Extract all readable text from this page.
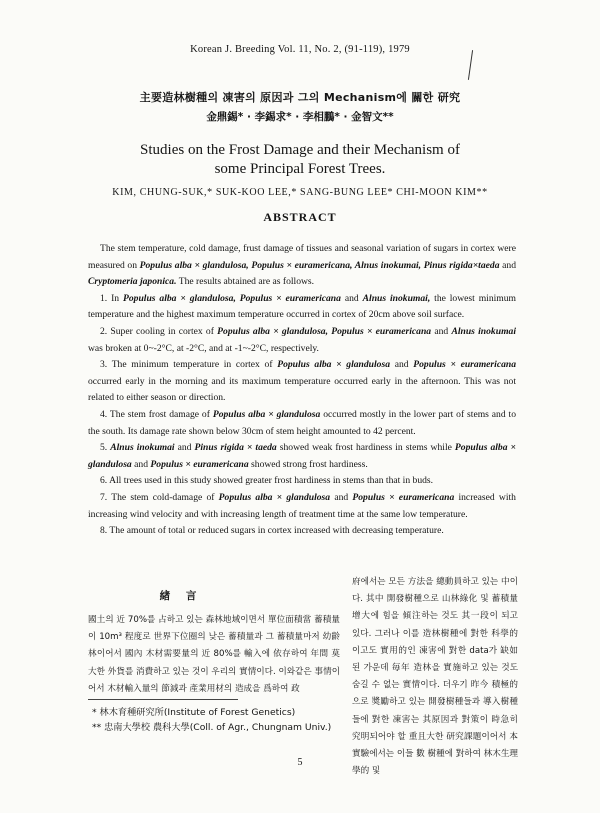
Korean J. Breeding Vol. 11, No. 2, (91-119), 1979
主要造林樹種의 凍害의 原因과 그의 Mechanism에 關한 研究
金鼎錫* · 李錫求* · 李相鵬* · 金智文**
Studies on the Frost Damage and their Mechanism of
some Principal Forest Trees.
KIM, CHUNG-SUK,* SUK-KOO LEE,* SANG-BUNG LEE* CHI-MOON KIM**
ABSTRACT
The stem temperature, cold damage, frust damage of tissues and seasonal variation of sugars in cortex were measured on Populus alba × glandulosa, Populus × euramericana, Alnus inokumai, Pinus rigida×taeda and Cryptomeria japonica. The results abtained are as follows.
1. In Populus alba × glandulosa, Populus × euramericana and Alnus inokumai, the lowest minimum temperature and the highest maximum temperature occurred in cortex of 20cm above soil surface.
2. Super cooling in cortex of Populus alba × glandulosa, Populus × euramericana and Alnus inokumai was broken at 0~-2°C, at -2°C, and at -1~-2°C, respectively.
3. The minimum temperature in cortex of Populus alba × glandulosa and Populus × euramericana occurred early in the morning and its maximum temperature occurred early in the afternoon. This was not related to either season or direction.
4. The stem frost damage of Populus alba × glandulosa occurred mostly in the lower part of stems and to the south. Its damage rate shown below 30cm of stem height amounted to 42 percent.
5. Alnus inokumai and Pinus rigida × taeda showed weak frost hardiness in stems while Populus alba × glandulosa and Populus × euramericana showed strong frost hardiness.
6. All trees used in this study showed greater frost hardiness in stems than that in buds.
7. The stem cold-damage of Populus alba × glandulosa and Populus × euramericana increased with increasing wind velocity and with increasing length of treatment time at the same low temperature.
8. The amount of total or reduced sugars in cortex increased with decreasing temperature.
緖 言
國土의 近 70%를 占하고 있는 森林地域이면서 單位面積當 蓄積量이 10m³ 程度로 世界下位圈의 낮은 蓄積量과 그 蓄積量마저 幼齡林이어서 國內 木材需要量의 近 80%를 輸入에 依存하여 年間 莫大한 外貨를 消費하고 있는 것이 우리의 實情이다. 이와같은 事情이어서 木材輸入量의 節減과 產業用材의 造成을 爲하여 政
府에서는 모든 方法을 總動員하고 있는 中이다. 其中 開發樹種으로 山林綠化 및 蓄積量 增大에 힘을 傾注하는 것도 其一段이 되고 있다. 그러나 이를 造林樹種에 對한 科學的이고도 實用的인 凍害에 對한 data가 缺如된 가운데 毎年 造林을 實施하고 있는 것도 숨길 수 없는 實情이다. 더우기 昨今 積極的으로 奬勵하고 있는 開發樹種들과 導入樹種들에 對한 凍害는 其原因과 對策이 時急히 究明되어야 할 重且大한 研究課題이어서 本實驗에서는 이들 數 樹種에 對하여 林木生理學的 및
* 林木育種研究所(Institute of Forest Genetics)
** 忠南大學校 農科大學(Coll. of Agr., Chungnam Univ.)
5
